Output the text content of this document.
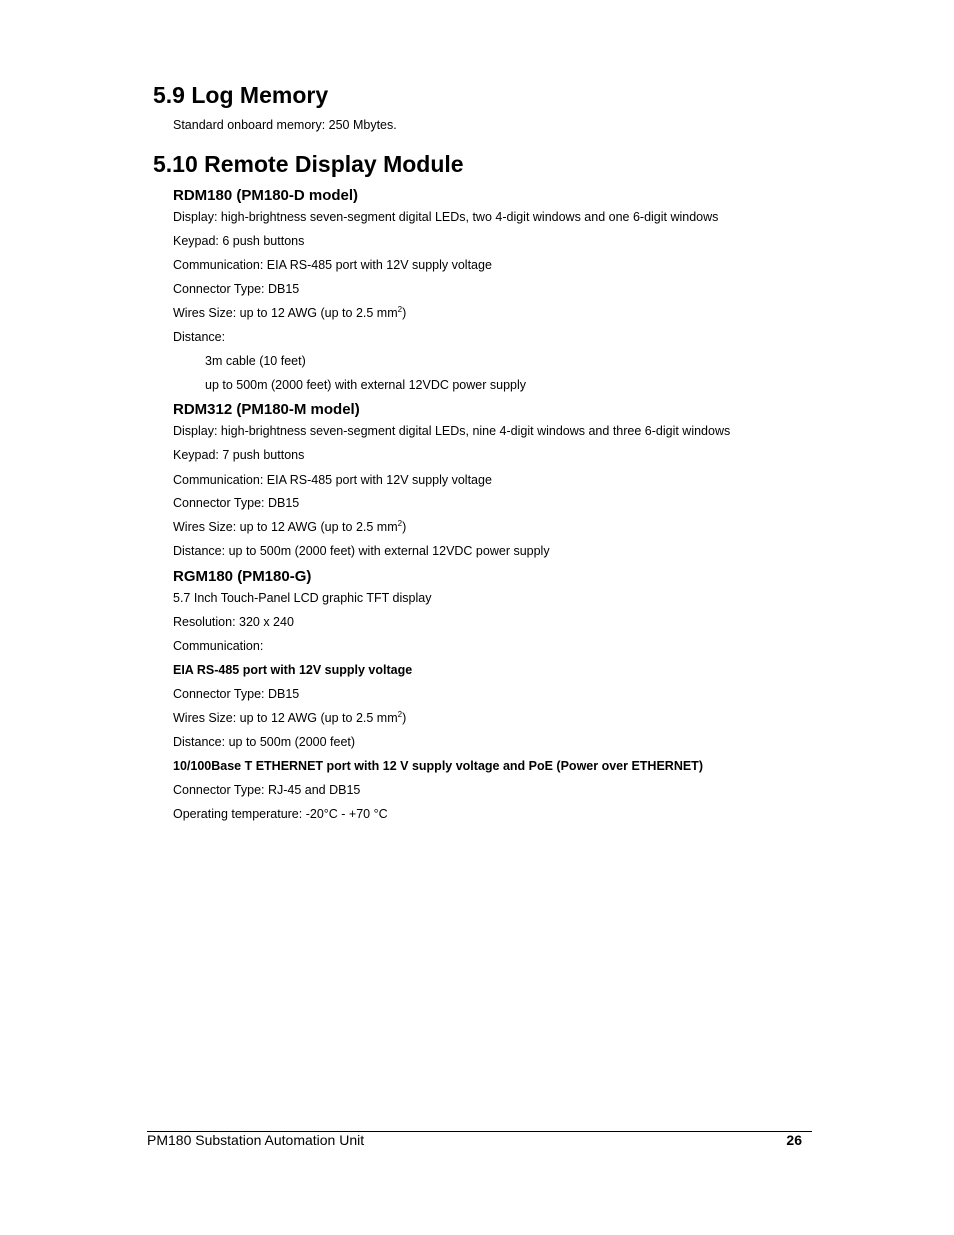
5.9 Log Memory

Standard onboard memory: 250 Mbytes.

5.10 Remote Display Module
RDM180 (PM180-D model)

Display: high-brightness seven-segment digital LEDs, two 4-digit windows and one 6-digit windows

Keypad: 6 push buttons

Communication: EIA RS-485 port with 12V supply voltage

Connector Type: DB15

Wires Size: up to 12 AWG (up to 2.5 $mm^2$)

Distance:

3m cable (10 feet)

up to 500m (2000 feet) with external 12VDC power supply

RDM312 (PM180-M model)

Display: high-brightness seven-segment digital LEDs, nine 4-digit windows and three 6-digit windows

Keypad: 7 push buttons

Communication: EIA RS-485 port with 12V supply voltage

Connector Type: DB15

Wires Size: up to 12 AWG (up to 2.5 $mm^2$)

Distance: up to 500m (2000 feet) with external 12VDC power supply

RGM180 (PM180-G)

5.7 Inch Touch-Panel LCD graphic TFT display

Resolution: 320 x 240

Communication:

EIA RS-485 port with 12V supply voltage

Connector Type: DB15

Wires Size: up to 12 AWG (up to 2.5 $mm^2$)

Distance: up to 500m (2000 feet)

10/100Base T ETHERNET port with 12 V supply voltage and PoE (Power over ETHERNET)

Connector Type: RJ-45 and DB15

Operating temperature: -20°C - +70 °C

PM180 Substation Automation Unit	26
